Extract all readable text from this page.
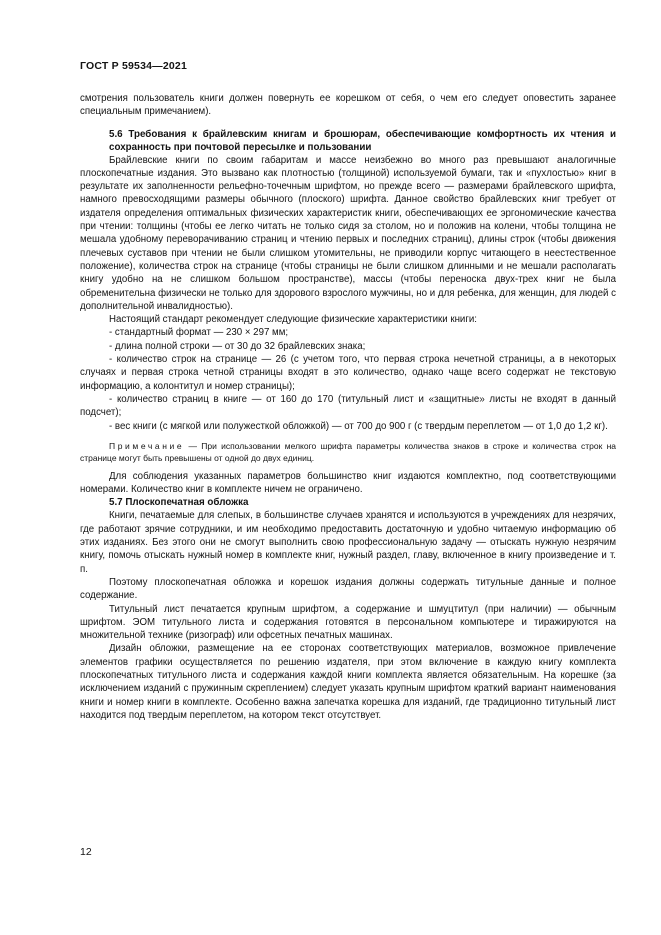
ГОСТ Р 59534—2021

смотрения пользователь книги должен повернуть ее корешком от себя, о чем его следует оповестить заранее специальным примечанием).

5.6 Требования к брайлевским книгам и брошюрам, обеспечивающие комфортность их чтения и сохранность при почтовой пересылке и пользовании

Брайлевские книги по своим габаритам и массе неизбежно во много раз превышают аналогичные плоскопечатные издания. Это вызвано как плотностью (толщиной) используемой бумаги, так и «пухлостью» книг в результате их заполненности рельефно-точечным шрифтом, но прежде всего — размерами брайлевского шрифта, намного превосходящими размеры обычного (плоского) шрифта. Данное свойство брайлевских книг требует от издателя определения оптимальных физических характеристик книги, обеспечивающих ее эргономические качества при чтении: толщины (чтобы ее легко читать не только сидя за столом, но и положив на колени, чтобы толщина не мешала удобному переворачиванию страниц и чтению первых и последних страниц), длины строк (чтобы движения плечевых суставов при чтении не были слишком утомительны, не приводили корпус читающего в неестественное положение), количества строк на странице (чтобы страницы не были слишком длинными и не мешали располагать книгу удобно на не слишком большом пространстве), массы (чтобы переноска двух-трех книг не была обременительна физически не только для здорового взрослого мужчины, но и для ребенка, для женщин, для людей с дополнительной инвалидностью).

Настоящий стандарт рекомендует следующие физические характеристики книги:

- стандартный формат — 230 × 297 мм;

- длина полной строки — от 30 до 32 брайлевских знака;

- количество строк на странице — 26 (с учетом того, что первая строка нечетной страницы, а в некоторых случаях и первая строка четной страницы входят в это количество, однако чаще всего содержат не текстовую информацию, а колонтитул и номер страницы);

- количество страниц в книге — от 160 до 170 (титульный лист и «защитные» листы не входят в данный подсчет);

- вес книги (с мягкой или полужесткой обложкой) — от 700 до 900 г (с твердым переплетом — от 1,0 до 1,2 кг).

Примечание — При использовании мелкого шрифта параметры количества знаков в строке и количества строк на странице могут быть превышены от одной до двух единиц.

Для соблюдения указанных параметров большинство книг издаются комплектно, под соответствующими номерами. Количество книг в комплекте ничем не ограничено.

5.7 Плоскопечатная обложка

Книги, печатаемые для слепых, в большинстве случаев хранятся и используются в учреждениях для незрячих, где работают зрячие сотрудники, и им необходимо предоставить достаточную и удобно читаемую информацию об этих изданиях. Без этого они не смогут выполнить свою профессиональную задачу — отыскать нужную незрячим книгу, помочь отыскать нужный номер в комплекте книг, нужный раздел, главу, включенное в книгу произведение и т. п.

Поэтому плоскопечатная обложка и корешок издания должны содержать титульные данные и полное содержание.

Титульный лист печатается крупным шрифтом, а содержание и шмуцтитул (при наличии) — обычным шрифтом. ЭОМ титульного листа и содержания готовятся в персональном компьютере и тиражируются на множительной технике (ризограф) или офсетных печатных машинах.

Дизайн обложки, размещение на ее сторонах соответствующих материалов, возможное привлечение элементов графики осуществляется по решению издателя, при этом включение в каждую книгу комплекта плоскопечатных титульного листа и содержания каждой книги комплекта является обязательным. На корешке (за исключением изданий с пружинным скреплением) следует указать крупным шрифтом краткий вариант наименования книги и номер книги в комплекте. Особенно важна запечатка корешка для изданий, где традиционно титульный лист находится под твердым переплетом, на котором текст отсутствует.

12
